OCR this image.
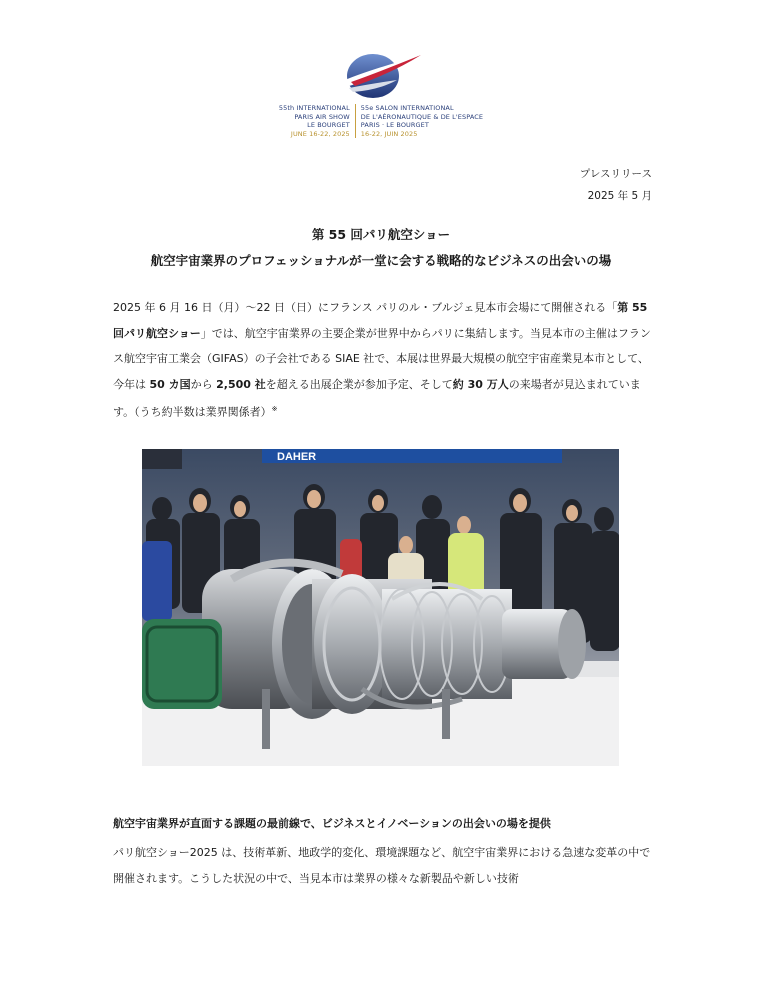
55th INTERNATIONAL
PARIS AIR SHOW
LE BOURGET
JUNE 16-22, 2025
55e SALON INTERNATIONAL
DE L'AÉRONAUTIQUE & DE L'ESPACE
PARIS · LE BOURGET
16-22, JUIN 2025
プレスリリース
2025 年 5 月
第 55 回パリ航空ショー
航空宇宙業界のプロフェッショナルが一堂に会する戦略的なビジネスの出会いの場
2025 年 6 月 16 日（月）～22 日（日）にフランス パリのル・ブルジェ見本市会場にて開催される「第 55 回パリ航空ショー」では、航空宇宙業界の主要企業が世界中からパリに集結します。当見本市の主催はフランス航空宇宙工業会（GIFAS）の子会社である SIAE 社で、本展は世界最大規模の航空宇宙産業見本市として、今年は 50 カ国から 2,500 社を超える出展企業が参加予定、そして約 30 万人の来場者が見込まれています。（うち約半数は業界関係者）※
DAHER
航空宇宙業界が直面する課題の最前線で、ビジネスとイノベーションの出会いの場を提供
パリ航空ショー2025 は、技術革新、地政学的変化、環境課題など、航空宇宙業界における急速な変革の中で開催されます。こうした状況の中で、当見本市は業界の様々な新製品や新しい技術
